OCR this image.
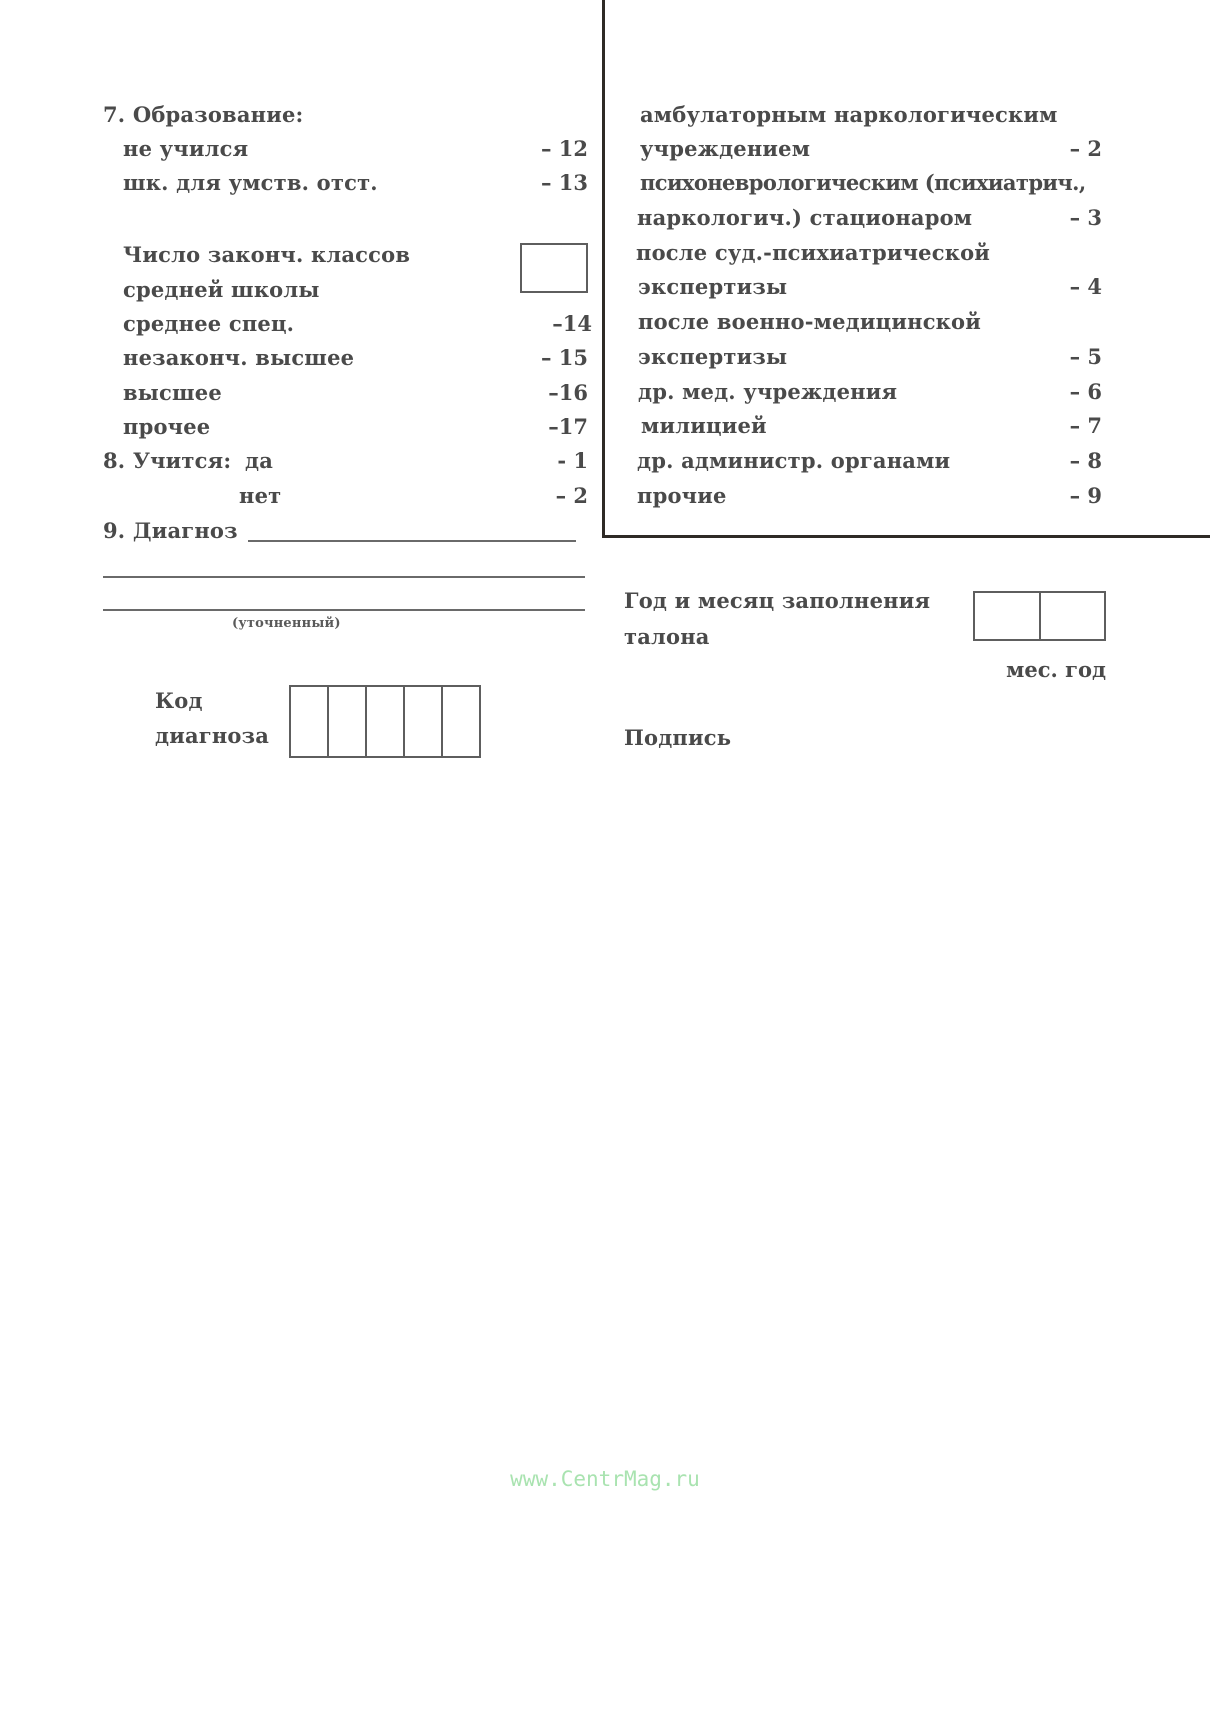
7. Образование:
не учился	– 12
шк. для умств. отст.	– 13
Число законч. классов
средней школы
среднее спец.	–14
незаконч. высшее	– 15
высшее	–16
прочее	–17
8. Учится: да	- 1
нет	– 2
9. Диагноз
(уточненный)
Код
диагноза
амбулаторным наркологическим
учреждением	– 2
психоневрологическим (психиатрич.,
наркологич.) стационаром	– 3
после суд.-психиатрической
экспертизы	– 4
после военно-медицинской
экспертизы	– 5
др. мед. учреждения	– 6
милицией	– 7
др. администр. органами	– 8
прочие	– 9
Год и месяц заполнения
талона
мес. год
Подпись
www.CentrMag.ru
